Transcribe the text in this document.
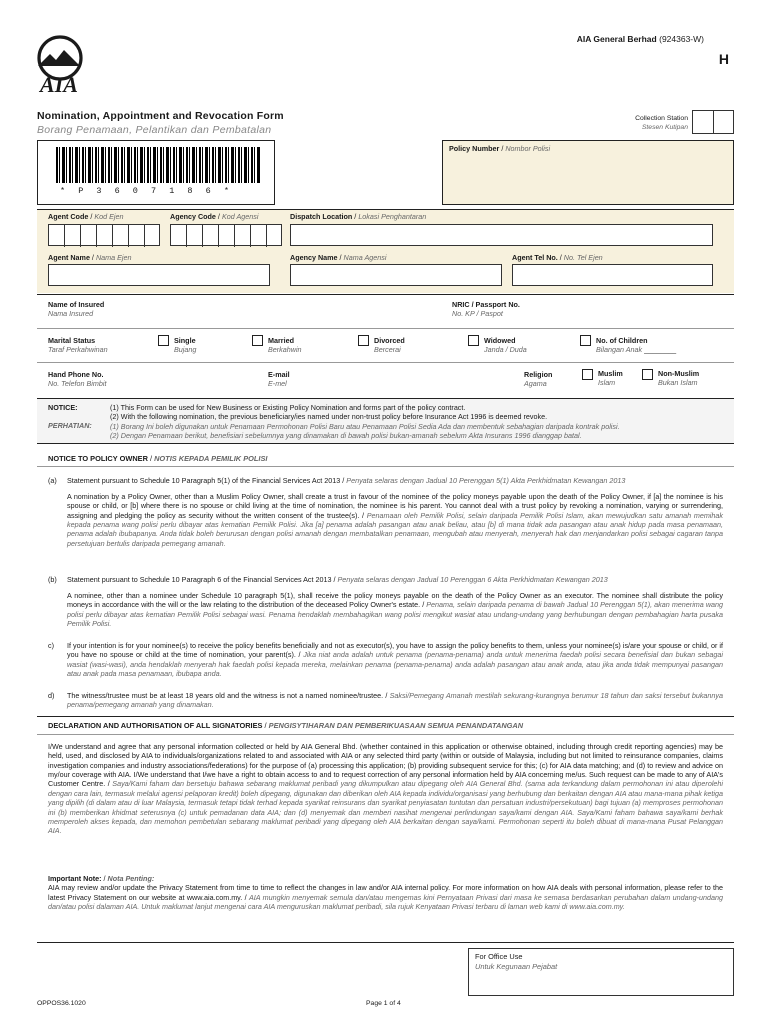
AIA
AIA General Berhad (924363-W)
H
Nomination, Appointment and Revocation Form
Borang Penamaan, Pelantikan dan Pembatalan
Collection Station
Stesen Kutipan
* P 3 6 0 7 1 8 6 *
Policy Number / Nombor Polisi
Agent Code / Kod Ejen	Agency Code / Kod Agensi	Dispatch Location / Lokasi Penghantaran
Agent Name / Nama Ejen	Agency Name / Nama Agensi	Agent Tel No. / No. Tel Ejen
Name of Insured
Nama Insured
NRIC / Passport No.
No. KP / Paspot
Marital Status
Taraf Perkahwinan
Single
Bujang
Married
Berkahwin
Divorced
Bercerai
Widowed
Janda / Duda
No. of Children
Bilangan Anak ________
Hand Phone No.
No. Telefon Bimbit
E-mail
E-mel
Religion
Agama
Muslim
Islam
Non-Muslim
Bukan Islam
NOTICE:
PERHATIAN:
(1) This Form can be used for New Business or Existing Policy Nomination and forms part of the policy contract.
(2) With the following nomination, the previous beneficiary/ies named under non-trust policy before Insurance Act 1996 is deemed revoke.
(1) Borang Ini boleh digunakan untuk Penamaan Permohonan Polisi Baru atau Penamaan Polisi Sedia Ada dan membentuk sebahagian daripada kontrak polisi.
(2) Dengan Penamaan berikut, benefisiari sebelumnya yang dinamakan di bawah polisi bukan-amanah sebelum Akta Insurans 1996 dianggap batal.
NOTICE TO POLICY OWNER / NOTIS KEPADA PEMILIK POLISI
(a) Statement pursuant to Schedule 10 Paragraph 5(1) of the Financial Services Act 2013 / Penyata selaras dengan Jadual 10 Perenggan 5(1) Akta Perkhidmatan Kewangan 2013
A nomination by a Policy Owner, other than a Muslim Policy Owner, shall create a trust in favour of the nominee of the policy moneys payable upon the death of the Policy Owner, if [a] the nominee is his spouse or child, or [b] where there is no spouse or child living at the time of nomination, the nominee is his parent. You cannot deal with a trust policy by revoking a nomination, varying or surrendering, assigning and pledging the policy as security without the written consent of the trustee(s). / Penamaan oleh Pemilik Polisi, selain daripada Pemilik Polisi Islam, akan mewujudkan satu amanah memihak kepada penama wang polisi perlu dibayar atas kematian Pemilik Polisi. Jika [a] penama adalah pasangan atau anak beliau, atau [b] di mana tidak ada pasangan atau anak hidup pada masa penamaan, penama adalah ibubapanya. Anda tidak boleh berurusan dengan polisi amanah dengan membatalkan penamaan, mengubah atau menyerah, menyerah hak dan menjandarkan polisi sebagai cagaran tanpa persetujuan bertulis daripada pemegang amanah.
(b) Statement pursuant to Schedule 10 Paragraph 6 of the Financial Services Act 2013 / Penyata selaras dengan Jadual 10 Perenggan 6 Akta Perkhidmatan Kewangan 2013
A nominee, other than a nominee under Schedule 10 paragraph 5(1), shall receive the policy moneys payable on the death of the Policy Owner as an executor. The nominee shall distribute the policy moneys in accordance with the will or the law relating to the distribution of the deceased Policy Owner's estate. / Penama, selain daripada penama di bawah Jadual 10 Perenggan 5(1), akan menerima wang polisi perlu dibayar atas kematian Pemilik Polisi sebagai wasi. Penama hendaklah membahagikan wang polisi mengikut wasiat atau undang-undang yang berhubungan dengan pembahagian harta pusaka Pemilik Polisi.
c) If your intention is for your nominee(s) to receive the policy benefits beneficially and not as executor(s), you have to assign the policy benefits to them, unless your nominee(s) is/are your spouse or child, or if you have no spouse or child at the time of nomination, your parent(s). / Jika niat anda adalah untuk penama (penama-penama) anda untuk menerima faedah polisi secara benefisial dan bukan sebagai wasiat (wasi-wasi), anda hendaklah menyerah hak faedah polisi kepada mereka, melainkan penama (penama-penama) anda adalah pasangan atau anak anda, atau jika anda tidak mempunyai pasangan atau anak pada masa penamaan, ibubapa anda.
d) The witness/trustee must be at least 18 years old and the witness is not a named nominee/trustee. / Saksi/Pemegang Amanah mestilah sekurang-kurangnya berumur 18 tahun dan saksi tersebut bukannya penama/pemegang amanah yang dinamakan.
DECLARATION AND AUTHORISATION OF ALL SIGNATORIES / PENGISYTIHARAN DAN PEMBERIKUASAAN SEMUA PENANDATANGAN
I/We understand and agree that any personal information collected or held by AIA General Bhd. (whether contained in this application or otherwise obtained, including through credit reporting agencies) may be held, used, and disclosed by AIA to individuals/organizations related to and associated with AIA or any selected third party (within or outside of Malaysia, including but not limited to reinsurance companies, claims investigation companies and industry associations/federations) for the purpose of (a) processing this application; (b) providing subsequent service for this; (c) for AIA data matching; and (d) to review and advice on my/our coverage with AIA. I/We understand that I/we have a right to obtain access to and to request correction of any personal information held by AIA concerning me/us. Such request can be made to any of AIA's Customer Centre. / Saya/Kami faham dan bersetuju bahawa sebarang maklumat peribadi yang dikumpulkan atau dipegang oleh AIA General Bhd. (sama ada terkandung dalam permohonan ini atau diperolehi dengan cara lain, termasuk melalui agensi pelaporan kredit) boleh dipegang, digunakan dan diberikan oleh AIA kepada individu/organisasi yang berhubung dan berkaitan dengan AIA atau mana-mana pihak ketiga yang dipilih (di dalam atau di luar Malaysia, termasuk tetapi tidak terhad kepada syarikat reinsurans dan syarikat penyiasatan tuntutan dan persatuan industri/persekutuan) bagi tujuan (a) memproses permohonan ini (b) memberikan khidmat seterusnya (c) untuk pemadanan data AIA; dan (d) menyemak dan memberi nasihat mengenai perlindungan saya/kami dengan AIA. Saya/Kami faham bahawa saya/kami berhak memperoleh akses kepada, dan memohon pembetulan sebarang maklumat peribadi yang dipegang oleh AIA berkaitan dengan saya/kami. Permohonan seperti itu boleh dibuat di mana-mana Pusat Pelanggan AIA.
Important Note: / Nota Penting:
AIA may review and/or update the Privacy Statement from time to time to reflect the changes in law and/or AIA internal policy. For more information on how AIA deals with personal information, please refer to the latest Privacy Statement on our website at www.aia.com.my. / AIA mungkin menyemak semula dan/atau mengemas kini Pernyataan Privasi dari masa ke semasa berdasarkan perubahan dalam undang-undang dan/atau polisi dalaman AIA. Untuk maklumat lanjut mengenai cara AIA menguruskan maklumat peribadi, sila rujuk Kenyataan Privasi terbaru di laman web kami di www.aia.com.my.
For Office Use
Untuk Kegunaan Pejabat
OPPOS36.1020	Page 1 of 4
